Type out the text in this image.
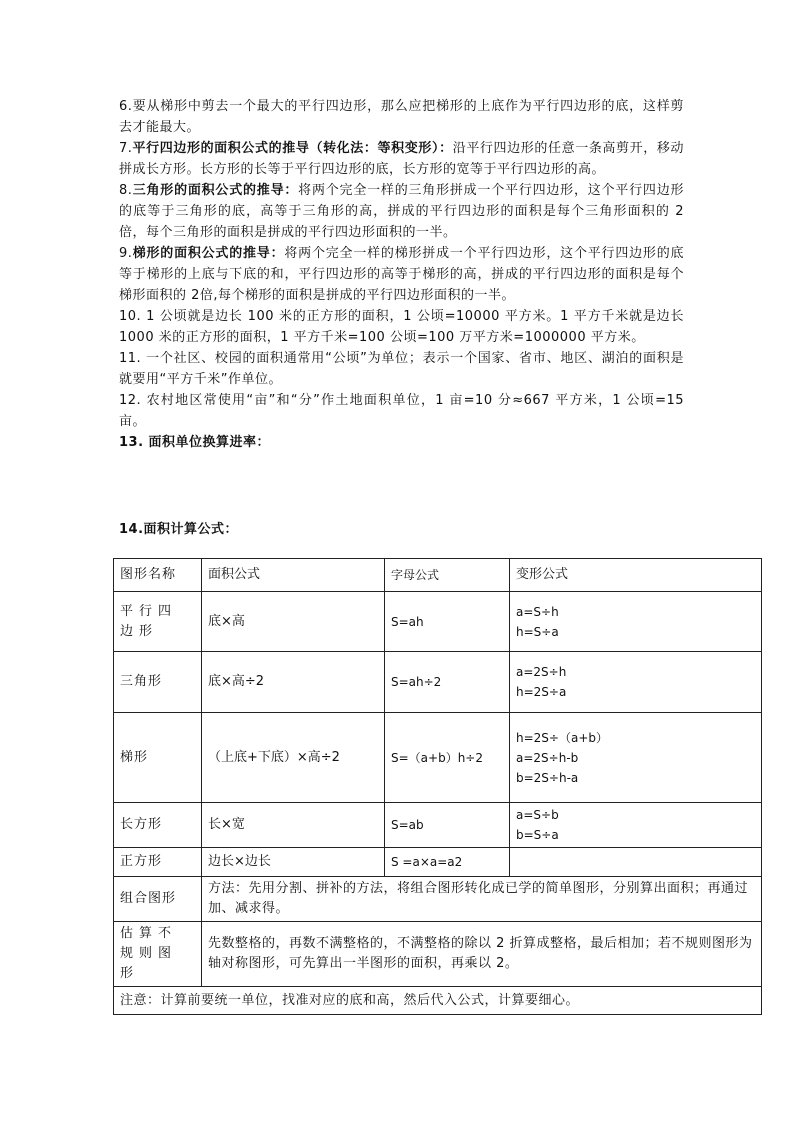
6.要从梯形中剪去一个最大的平行四边形，那么应把梯形的上底作为平行四边形的底，这样剪去才能最大。

7.平行四边形的面积公式的推导（转化法：等积变形）：沿平行四边形的任意一条高剪开，移动拼成长方形。长方形的长等于平行四边形的底，长方形的宽等于平行四边形的高。

8.三角形的面积公式的推导：将两个完全一样的三角形拼成一个平行四边形，这个平行四边形的底等于三角形的底，高等于三角形的高，拼成的平行四边形的面积是每个三角形面积的 2 倍，每个三角形的面积是拼成的平行四边形面积的一半。

9.梯形的面积公式的推导：将两个完全一样的梯形拼成一个平行四边形，这个平行四边形的底等于梯形的上底与下底的和，平行四边形的高等于梯形的高，拼成的平行四边形的面积是每个梯形面积的 2倍,每个梯形的面积是拼成的平行四边形面积的一半。

10. 1 公顷就是边长 100 米的正方形的面积，1 公顷=10000 平方米。1 平方千米就是边长 1000 米的正方形的面积，1 平方千米=100 公顷=100 万平方米=1000000 平方米。

11. 一个社区、校园的面积通常用“公顷”为单位；表示一个国家、省市、地区、湖泊的面积是就要用“平方千米”作单位。

12. 农村地区常使用“亩”和“分”作土地面积单位，1 亩=10 分≈667 平方米，1 公顷=15 亩。

13. 面积单位换算进率：

14.面积计算公式：
图形名称	面积公式	字母公式	变形公式
平行四边形	底×高	S=ah	a=S÷h
h=S÷a

三角形	底×高÷2	S=ah÷2	a=2S÷h
h=2S÷a

梯形	（上底+下底）×高÷2	S=（a+b）h÷2	h=2S÷（a+b）
a=2S÷h-b
b=2S÷h-a

长方形	长×宽	S=ab	a=S÷b
b=S÷a

正方形	边长×边长	S =a×a=a2	
组合图形	方法：先用分割、拼补的方法，将组合图形转化成已学的简单图形，分别算出面积；再通过加、减求得。		
估算不规则图形	先数整格的，再数不满整格的，不满整格的除以 2 折算成整格，最后相加；若不规则图形为轴对称图形，可先算出一半图形的面积，再乘以 2。		
注意：计算前要统一单位，找准对应的底和高，然后代入公式，计算要细心。			
